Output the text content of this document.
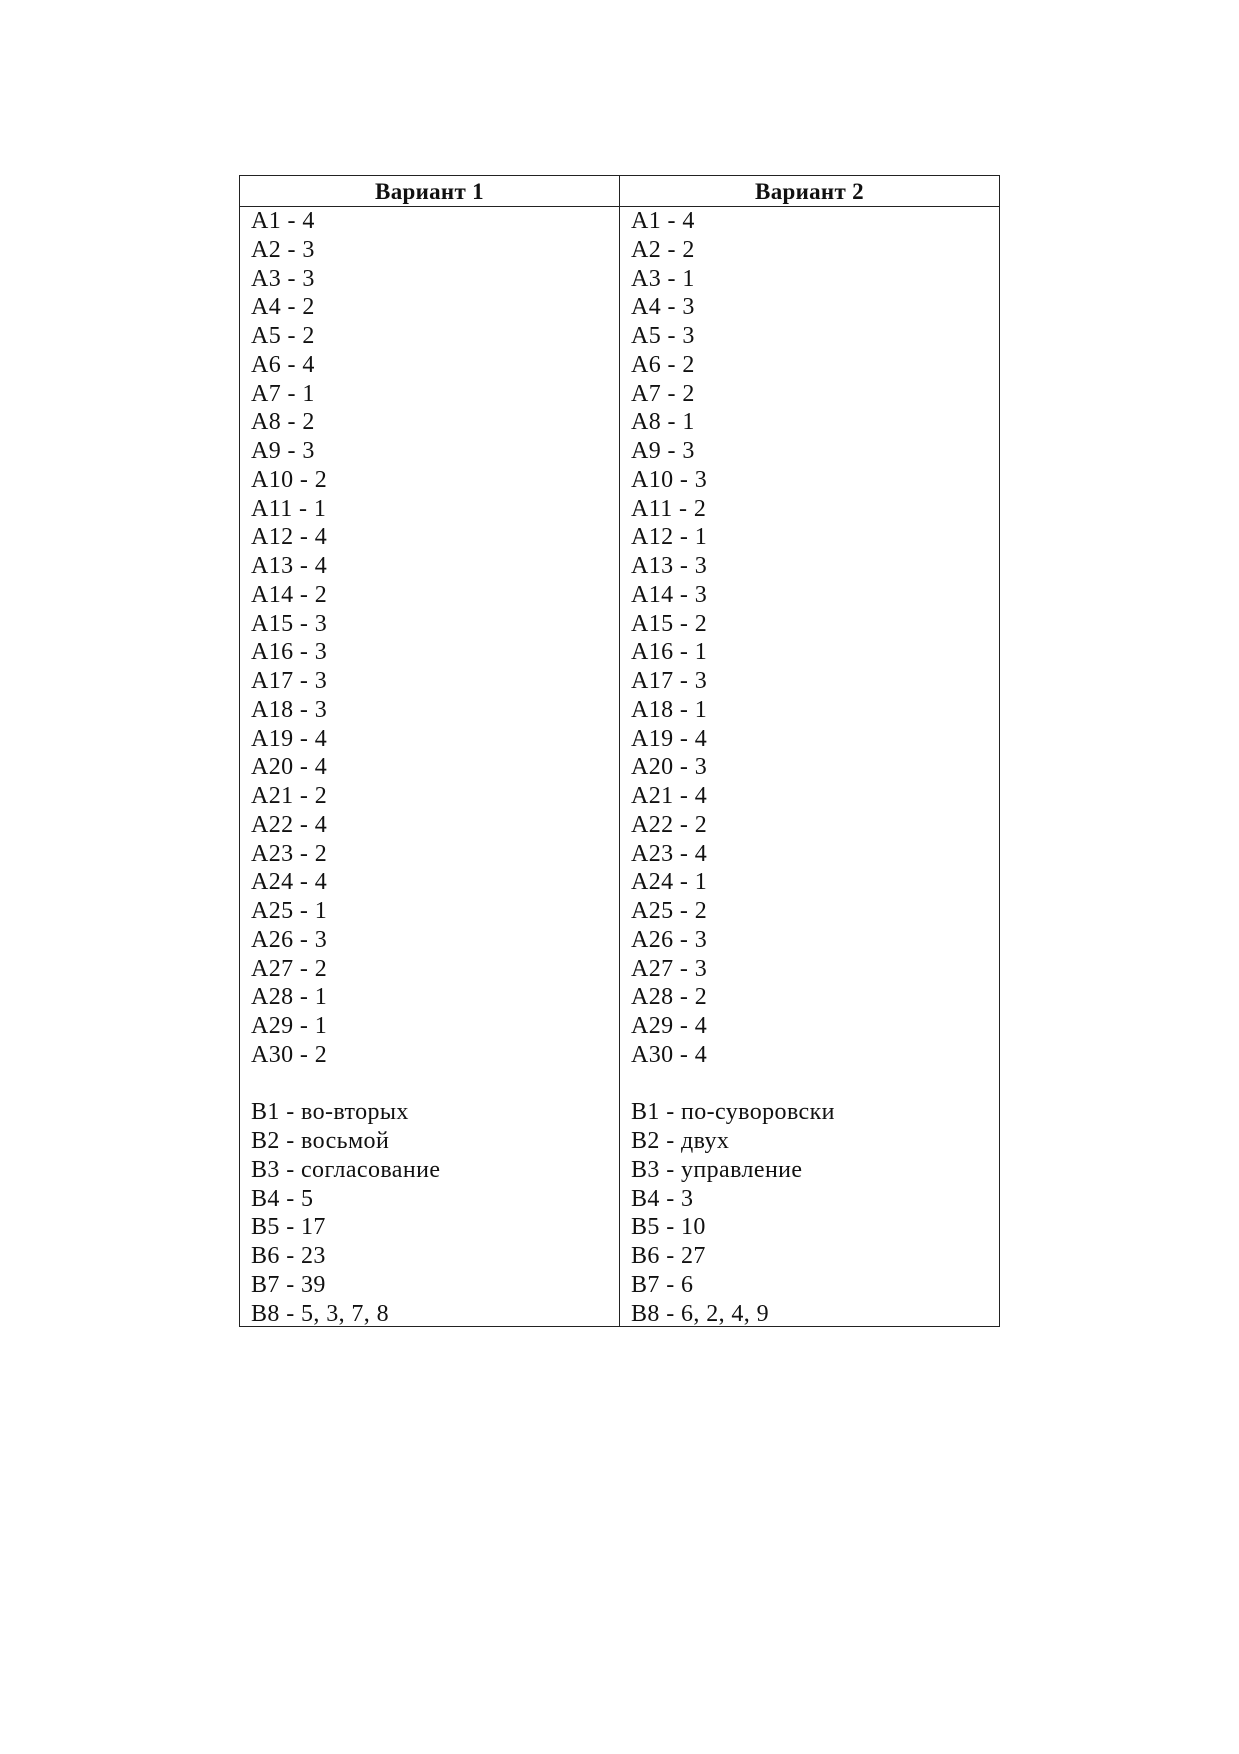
Вариант 1	Вариант 2
А1 - 4
А2 - 3
А3 - 3
А4 - 2
А5 - 2
А6 - 4
А7 - 1
А8 - 2
А9 - 3
А10 - 2
А11 - 1
А12 - 4
А13 - 4
А14 - 2
А15 - 3
А16 - 3
А17 - 3
А18 - 3
А19 - 4
А20 - 4
А21 - 2
А22 - 4
А23 - 2
А24 - 4
А25 - 1
А26 - 3
А27 - 2
А28 - 1
А29 - 1
А30 - 2
В1 - во-вторых
В2 - восьмой
В3 - согласование
В4 - 5
В5 - 17
В6 - 23
В7 - 39
В8 - 5, 3, 7, 8
А1 - 4
А2 - 2
А3 - 1
А4 - 3
А5 - 3
А6 - 2
А7 - 2
А8 - 1
А9 - 3
А10 - 3
А11 - 2
А12 - 1
А13 - 3
А14 - 3
А15 - 2
А16 - 1
А17 - 3
А18 - 1
А19 - 4
А20 - 3
А21 - 4
А22 - 2
А23 - 4
А24 - 1
А25 - 2
А26 - 3
А27 - 3
А28 - 2
А29 - 4
А30 - 4
В1 - по-суворовски
В2 - двух
В3 - управление
В4 - 3
В5 - 10
В6 - 27
В7 - 6
В8 - 6, 2, 4, 9
